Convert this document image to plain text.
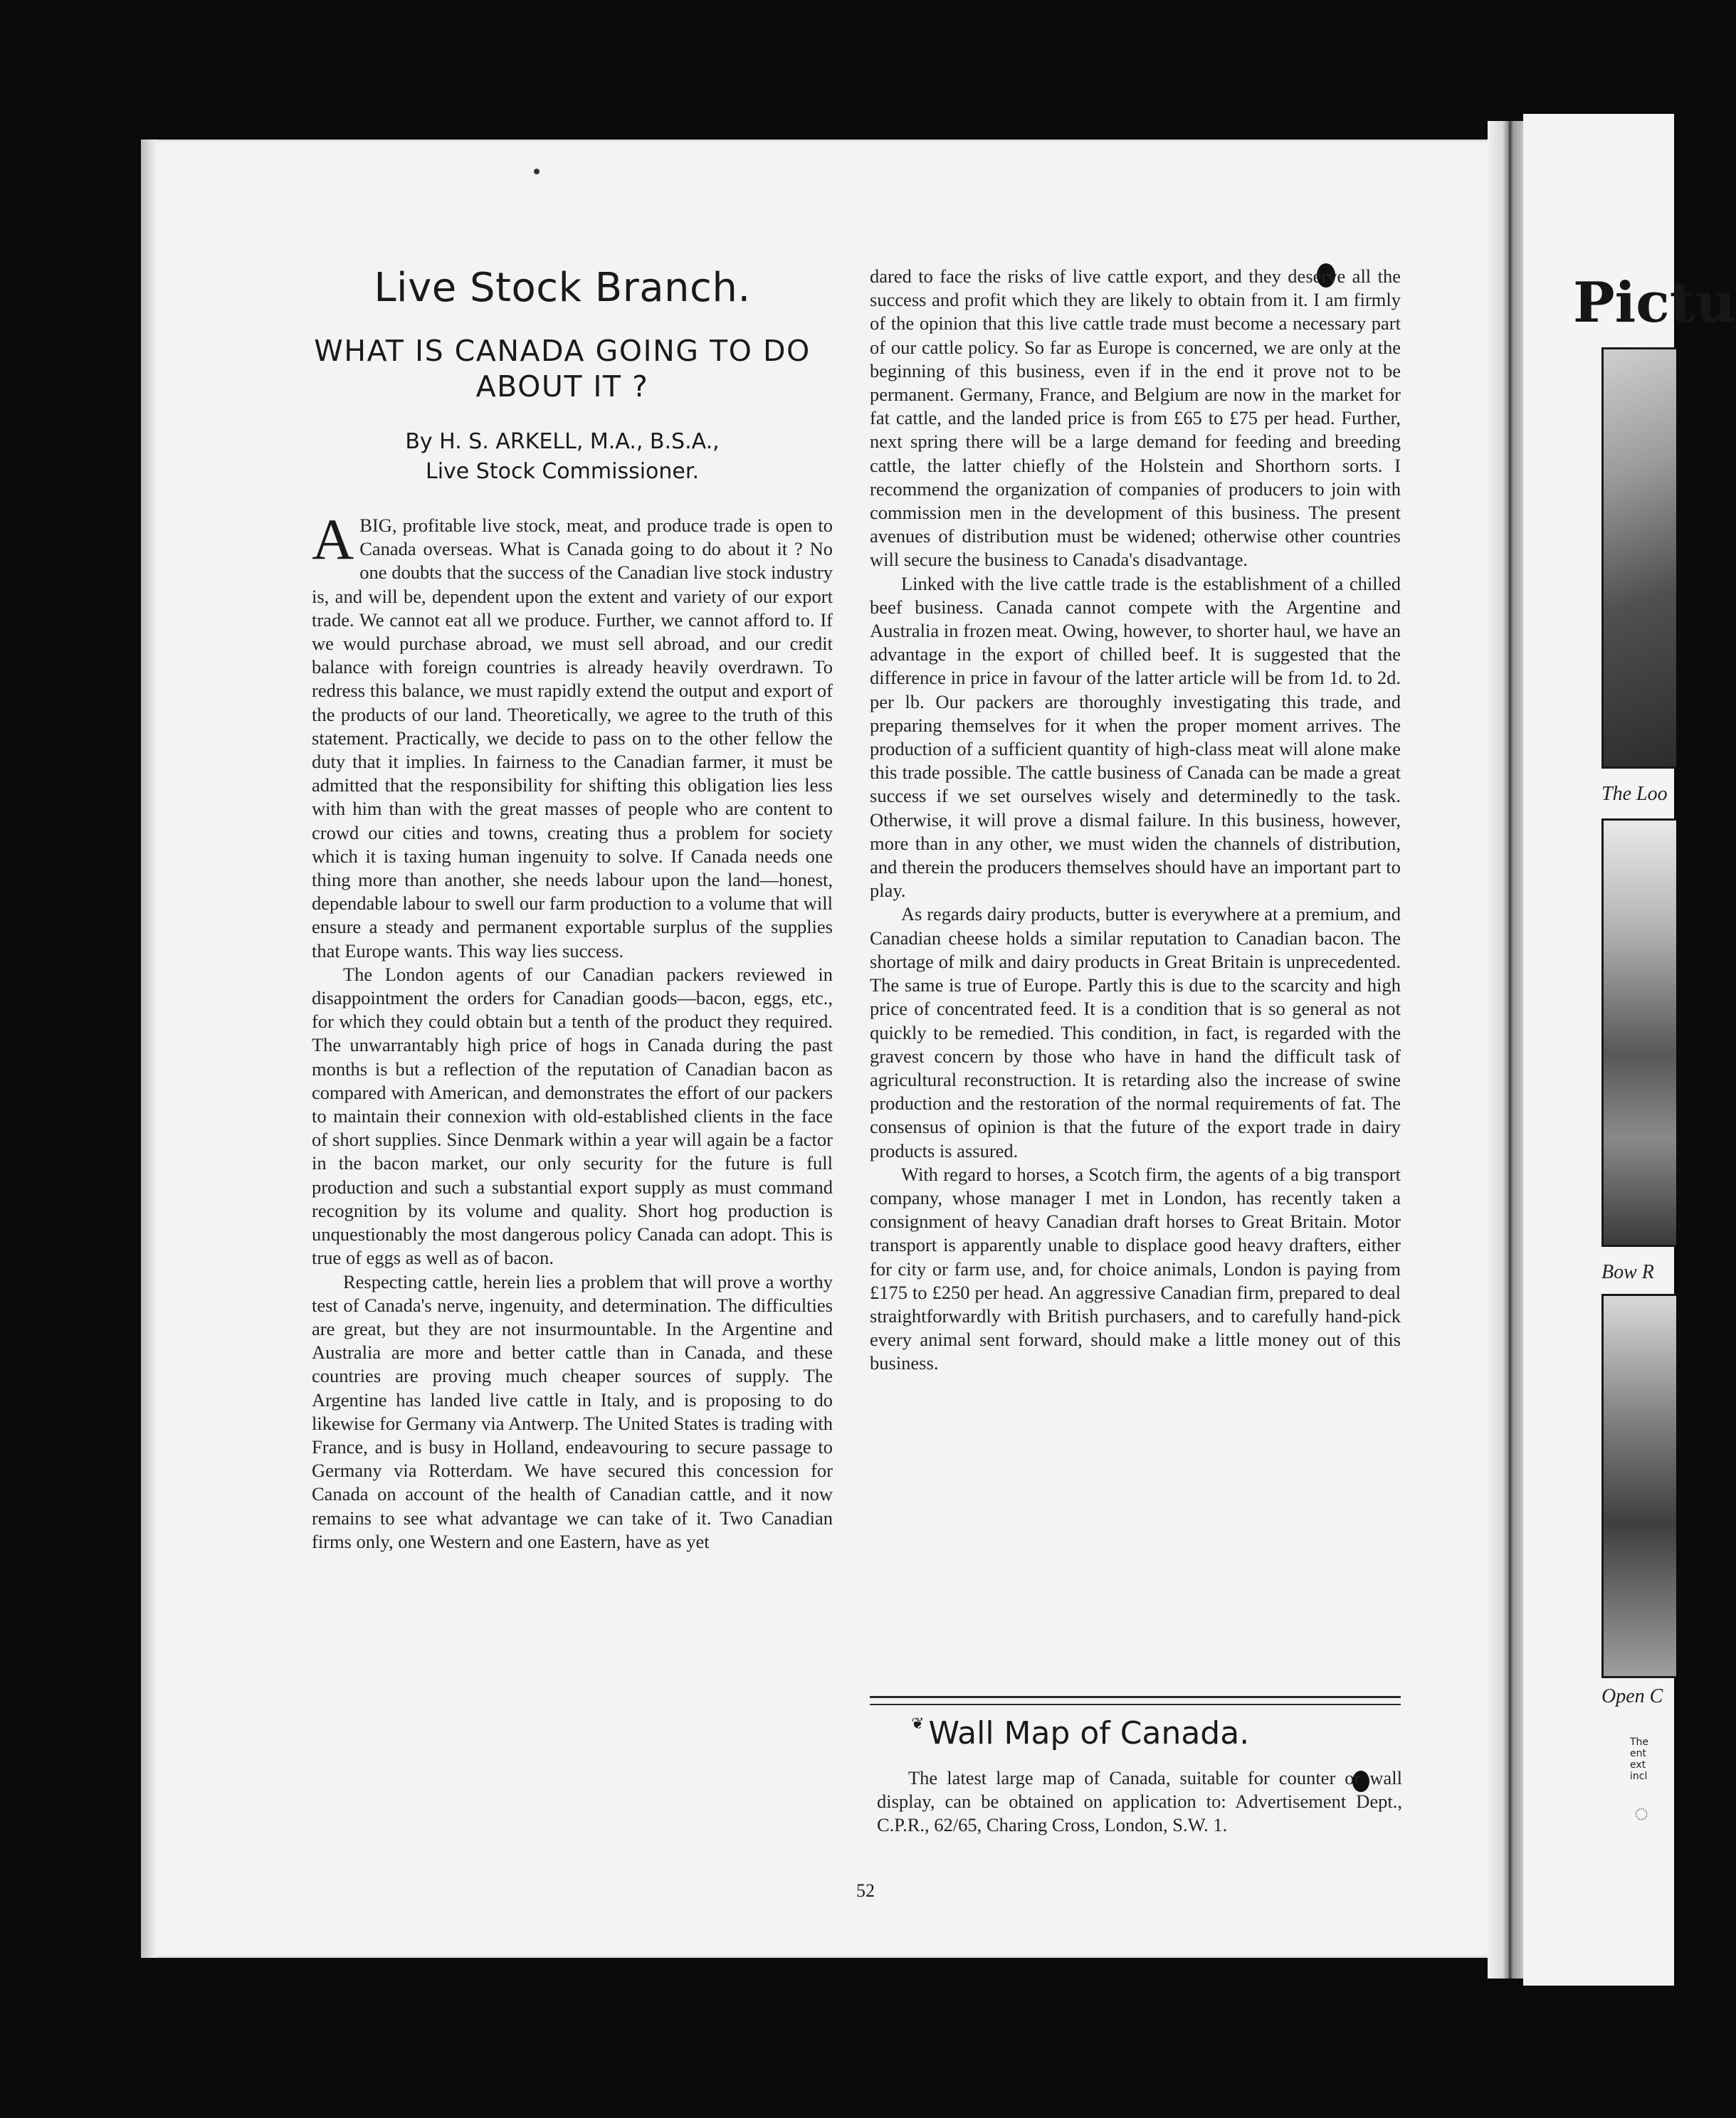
Live Stock Branch.
WHAT IS CANADA GOING TO DO ABOUT IT ?
By H. S. ARKELL, M.A., B.S.A.,
Live Stock Commissioner.

ABIG, profitable live stock, meat, and produce trade is open to Canada overseas. What is Canada going to do about it ? No one doubts that the success of the Canadian live stock industry is, and will be, dependent upon the extent and variety of our export trade. We cannot eat all we produce. Further, we cannot afford to. If we would purchase abroad, we must sell abroad, and our credit balance with foreign countries is already heavily overdrawn. To redress this balance, we must rapidly extend the output and export of the products of our land. Theoretically, we agree to the truth of this statement. Practically, we decide to pass on to the other fellow the duty that it implies. In fairness to the Canadian farmer, it must be admitted that the responsibility for shifting this obligation lies less with him than with the great masses of people who are content to crowd our cities and towns, creating thus a problem for society which it is taxing human ingenuity to solve. If Canada needs one thing more than another, she needs labour upon the land—honest, dependable labour to swell our farm production to a volume that will ensure a steady and permanent exportable surplus of the supplies that Europe wants. This way lies success.

The London agents of our Canadian packers reviewed in disappointment the orders for Canadian goods—bacon, eggs, etc., for which they could obtain but a tenth of the product they required. The unwarrantably high price of hogs in Canada during the past months is but a reflection of the reputation of Canadian bacon as compared with American, and demonstrates the effort of our packers to maintain their connexion with old-established clients in the face of short supplies. Since Denmark within a year will again be a factor in the bacon market, our only security for the future is full production and such a substantial export supply as must command recognition by its volume and quality. Short hog production is unquestionably the most dangerous policy Canada can adopt. This is true of eggs as well as of bacon.

Respecting cattle, herein lies a problem that will prove a worthy test of Canada's nerve, ingenuity, and determination. The difficulties are great, but they are not insurmountable. In the Argentine and Australia are more and better cattle than in Canada, and these countries are proving much cheaper sources of supply. The Argentine has landed live cattle in Italy, and is proposing to do likewise for Germany via Antwerp. The United States is trading with France, and is busy in Holland, endeavouring to secure passage to Germany via Rotterdam. We have secured this concession for Canada on account of the health of Canadian cattle, and it now remains to see what advantage we can take of it. Two Canadian firms only, one Western and one Eastern, have as yet

dared to face the risks of live cattle export, and they deserve all the success and profit which they are likely to obtain from it. I am firmly of the opinion that this live cattle trade must become a necessary part of our cattle policy. So far as Europe is concerned, we are only at the beginning of this business, even if in the end it prove not to be permanent. Germany, France, and Belgium are now in the market for fat cattle, and the landed price is from £65 to £75 per head. Further, next spring there will be a large demand for feeding and breeding cattle, the latter chiefly of the Holstein and Shorthorn sorts. I recommend the organization of companies of producers to join with commission men in the development of this business. The present avenues of distribution must be widened; otherwise other countries will secure the business to Canada's disadvantage.

Linked with the live cattle trade is the establishment of a chilled beef business. Canada cannot compete with the Argentine and Australia in frozen meat. Owing, however, to shorter haul, we have an advantage in the export of chilled beef. It is suggested that the difference in price in favour of the latter article will be from 1d. to 2d. per lb. Our packers are thoroughly investigating this trade, and preparing themselves for it when the proper moment arrives. The production of a sufficient quantity of high-class meat will alone make this trade possible. The cattle business of Canada can be made a great success if we set ourselves wisely and determinedly to the task. Otherwise, it will prove a dismal failure. In this business, however, more than in any other, we must widen the channels of distribution, and therein the producers themselves should have an important part to play.

As regards dairy products, butter is everywhere at a premium, and Canadian cheese holds a similar reputation to Canadian bacon. The shortage of milk and dairy products in Great Britain is unprecedented. The same is true of Europe. Partly this is due to the scarcity and high price of concentrated feed. It is a condition that is so general as not quickly to be remedied. This condition, in fact, is regarded with the gravest concern by those who have in hand the difficult task of agricultural reconstruction. It is retarding also the increase of swine production and the restoration of the normal requirements of fat. The consensus of opinion is that the future of the export trade in dairy products is assured.

With regard to horses, a Scotch firm, the agents of a big transport company, whose manager I met in London, has recently taken a consignment of heavy Canadian draft horses to Great Britain. Motor transport is apparently unable to displace good heavy drafters, either for city or farm use, and, for choice animals, London is paying from £175 to £250 per head. An aggressive Canadian firm, prepared to deal straightforwardly with British purchasers, and to carefully hand-pick every animal sent forward, should make a little money out of this business.

❦ Wall Map of Canada.

The latest large map of Canada, suitable for counter or wall display, can be obtained on application to: Advertisement Dept., C.P.R., 62/65, Charing Cross, London, S.W. 1.

52
Pictu
The Loo
Bow R
Open C
The
ent
ext
incl
◌
